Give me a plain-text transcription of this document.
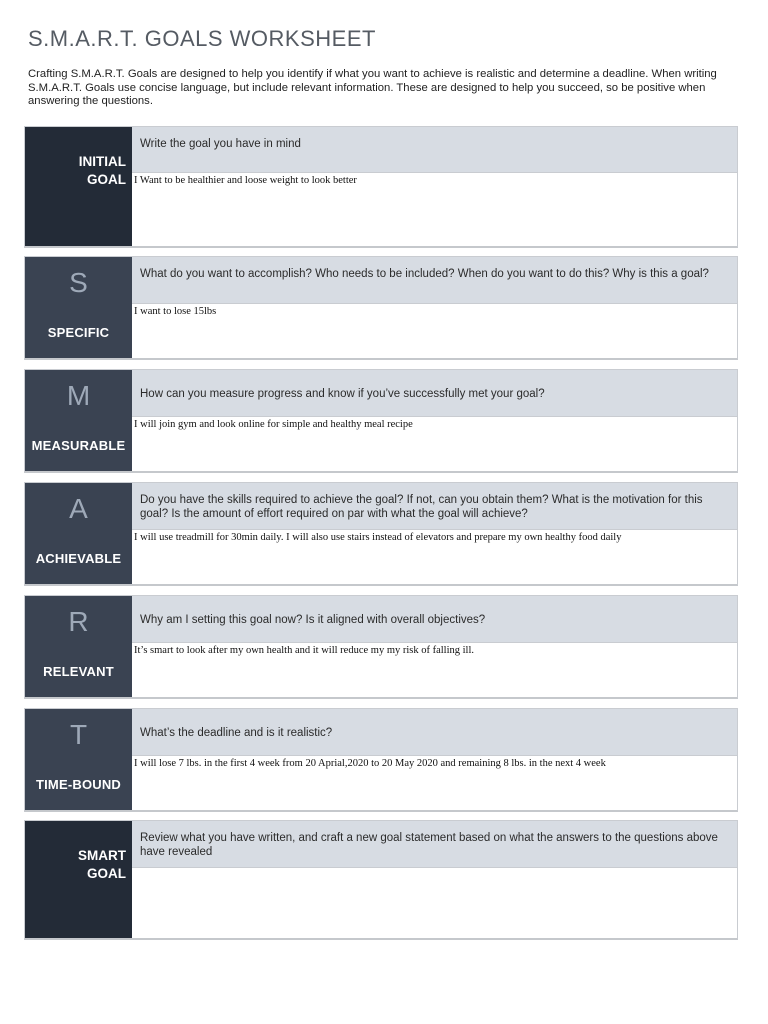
S.M.A.R.T. GOALS WORKSHEET
Crafting S.M.A.R.T. Goals are designed to help you identify if what you want to achieve is realistic and determine a deadline. When writing S.M.A.R.T. Goals use concise language, but include relevant information. These are designed to help you succeed, so be positive when answering the questions.
INITIAL
GOAL
Write the goal you have in mind
I Want to be healthier and loose weight to look better
S
SPECIFIC
What do you want to accomplish? Who needs to be included? When do you want to do this? Why is this a goal?
I want to lose 15lbs
M
MEASURABLE
How can you measure progress and know if you’ve successfully met your goal?
I will join gym and look online for simple and healthy meal recipe
A
ACHIEVABLE
Do you have the skills required to achieve the goal? If not, can you obtain them? What is the motivation for this goal? Is the amount of effort required on par with what the goal will achieve?
I will use treadmill for 30min daily. I will also use stairs instead of elevators and prepare my own healthy food daily
R
RELEVANT
Why am I setting this goal now? Is it aligned with overall objectives?
It’s smart to look after my own health and it will reduce my my risk of falling ill.
T
TIME-BOUND
What’s the deadline and is it realistic?
I will lose 7 lbs. in the first 4 week from 20 Aprial,2020 to 20 May 2020 and remaining 8 lbs. in the next 4 week
SMART
GOAL
Review what you have written, and craft a new goal statement based on what the answers to the questions above have revealed
